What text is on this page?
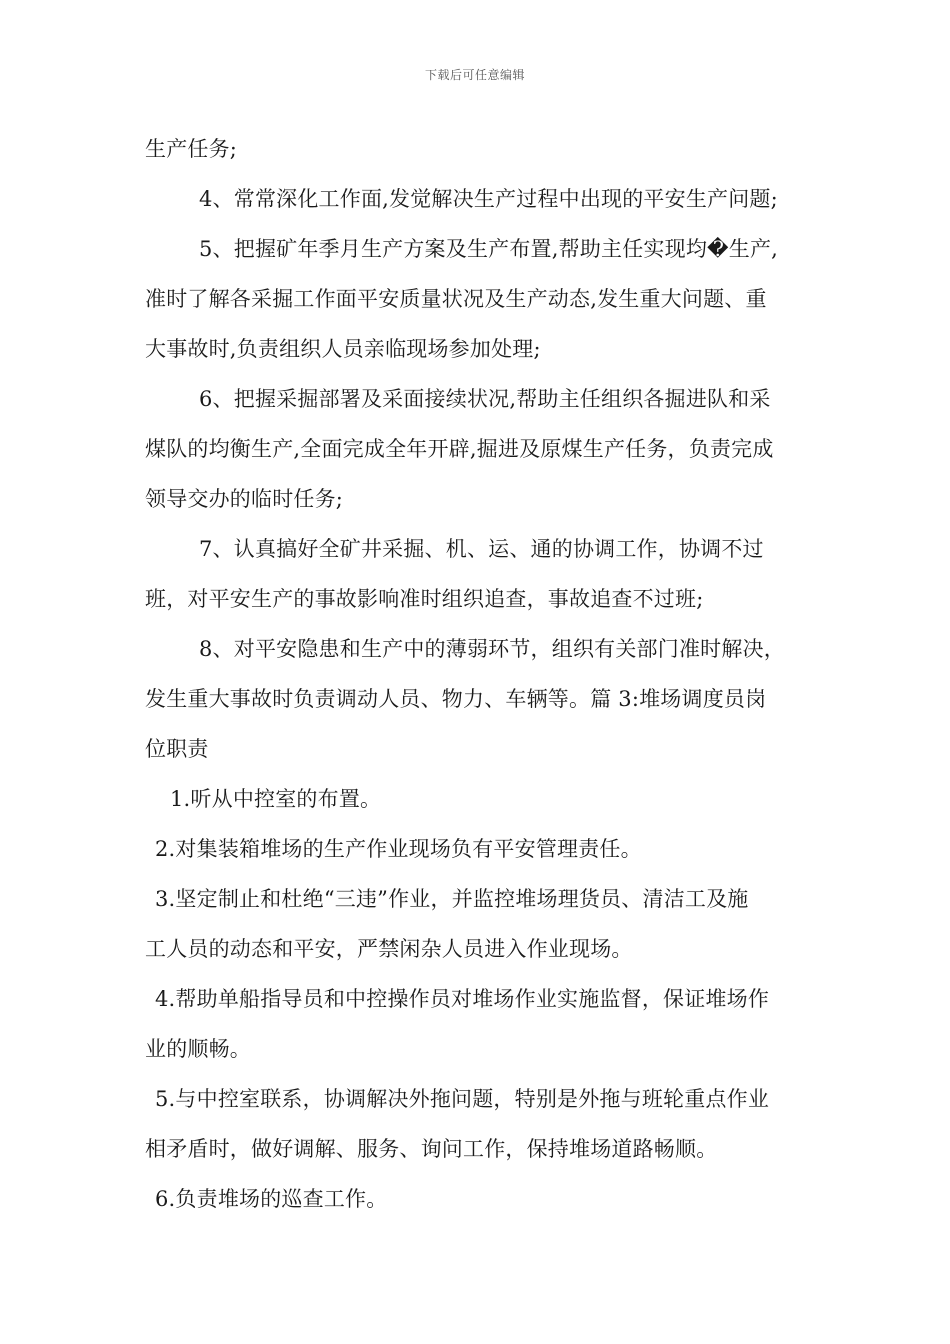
下载后可任意编辑
生产任务;
4、常常深化工作面,发觉解决生产过程中出现的平安生产问题;
5、把握矿年季月生产方案及生产布置,帮助主任实现均�生产,
准时了解各采掘工作面平安质量状况及生产动态,发生重大问题、重
大事故时,负责组织人员亲临现场参加处理;
6、把握采掘部署及采面接续状况,帮助主任组织各掘进队和采
煤队的均衡生产,全面完成全年开辟,掘进及原煤生产任务，负责完成
领导交办的临时任务;
7、认真搞好全矿井采掘、机、运、通的协调工作，协调不过
班，对平安生产的事故影响准时组织追查，事故追查不过班;
8、对平安隐患和生产中的薄弱环节，组织有关部门准时解决，
发生重大事故时负责调动人员、物力、车辆等。篇 3:堆场调度员岗
位职责
1.听从中控室的布置。
2.对集装箱堆场的生产作业现场负有平安管理责任。
3.坚定制止和杜绝“三违”作业，并监控堆场理货员、清洁工及施
工人员的动态和平安，严禁闲杂人员进入作业现场。
4.帮助单船指导员和中控操作员对堆场作业实施监督，保证堆场作
业的顺畅。
5.与中控室联系，协调解决外拖问题，特别是外拖与班轮重点作业
相矛盾时，做好调解、服务、询问工作，保持堆场道路畅顺。
6.负责堆场的巡查工作。
